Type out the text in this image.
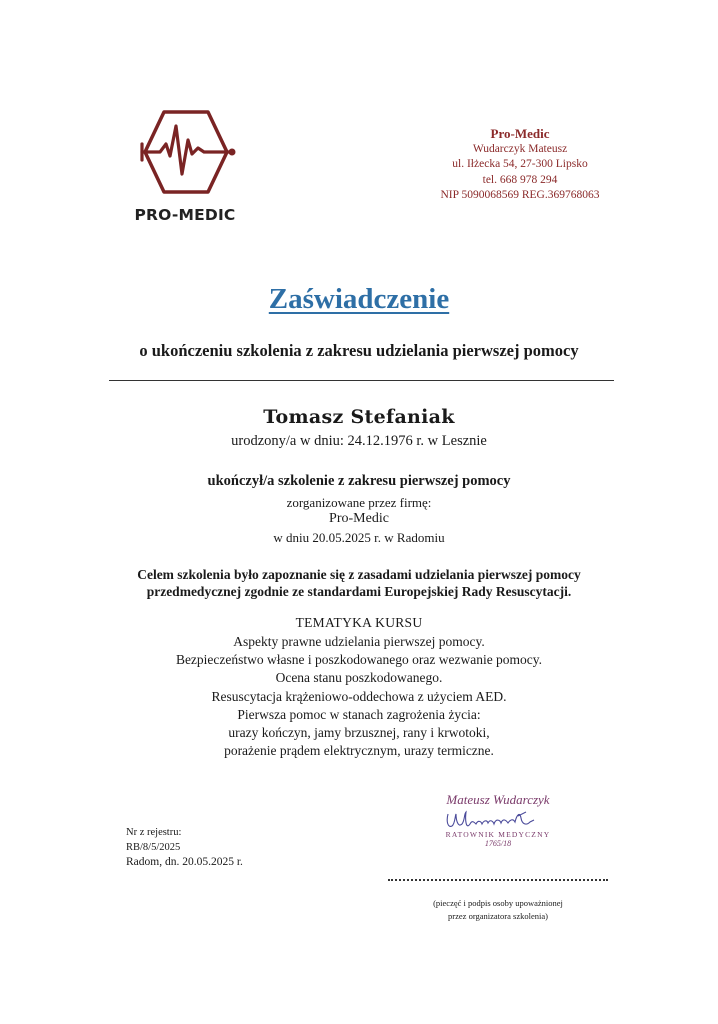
PRO-MEDIC
Pro-Medic
Wudarczyk Mateusz
ul. Iłżecka 54, 27-300 Lipsko
tel. 668 978 294
NIP 5090068569 REG.369768063
Zaświadczenie
o ukończeniu szkolenia z zakresu udzielania pierwszej pomocy
Tomasz Stefaniak
urodzony/a w dniu: 24.12.1976 r. w Lesznie
ukończył/a szkolenie z zakresu pierwszej pomocy
zorganizowane przez firmę:
Pro-Medic
w dniu 20.05.2025 r. w Radomiu
Celem szkolenia było zapoznanie się z zasadami udzielania pierwszej pomocy
przedmedycznej zgodnie ze standardami Europejskiej Rady Resuscytacji.
TEMATYKA KURSU
Aspekty prawne udzielania pierwszej pomocy.
Bezpieczeństwo własne i poszkodowanego oraz wezwanie pomocy.
Ocena stanu poszkodowanego.
Resuscytacja krążeniowo-oddechowa z użyciem AED.
Pierwsza pomoc w stanach zagrożenia życia:
urazy kończyn, jamy brzusznej, rany i krwotoki,
porażenie prądem elektrycznym, urazy termiczne.
Nr z rejestru:
RB/8/5/2025
Radom, dn. 20.05.2025 r.
Mateusz Wudarczyk
RATOWNIK MEDYCZNY
1765/18
(pieczęć i podpis osoby upoważnionej
przez organizatora szkolenia)
